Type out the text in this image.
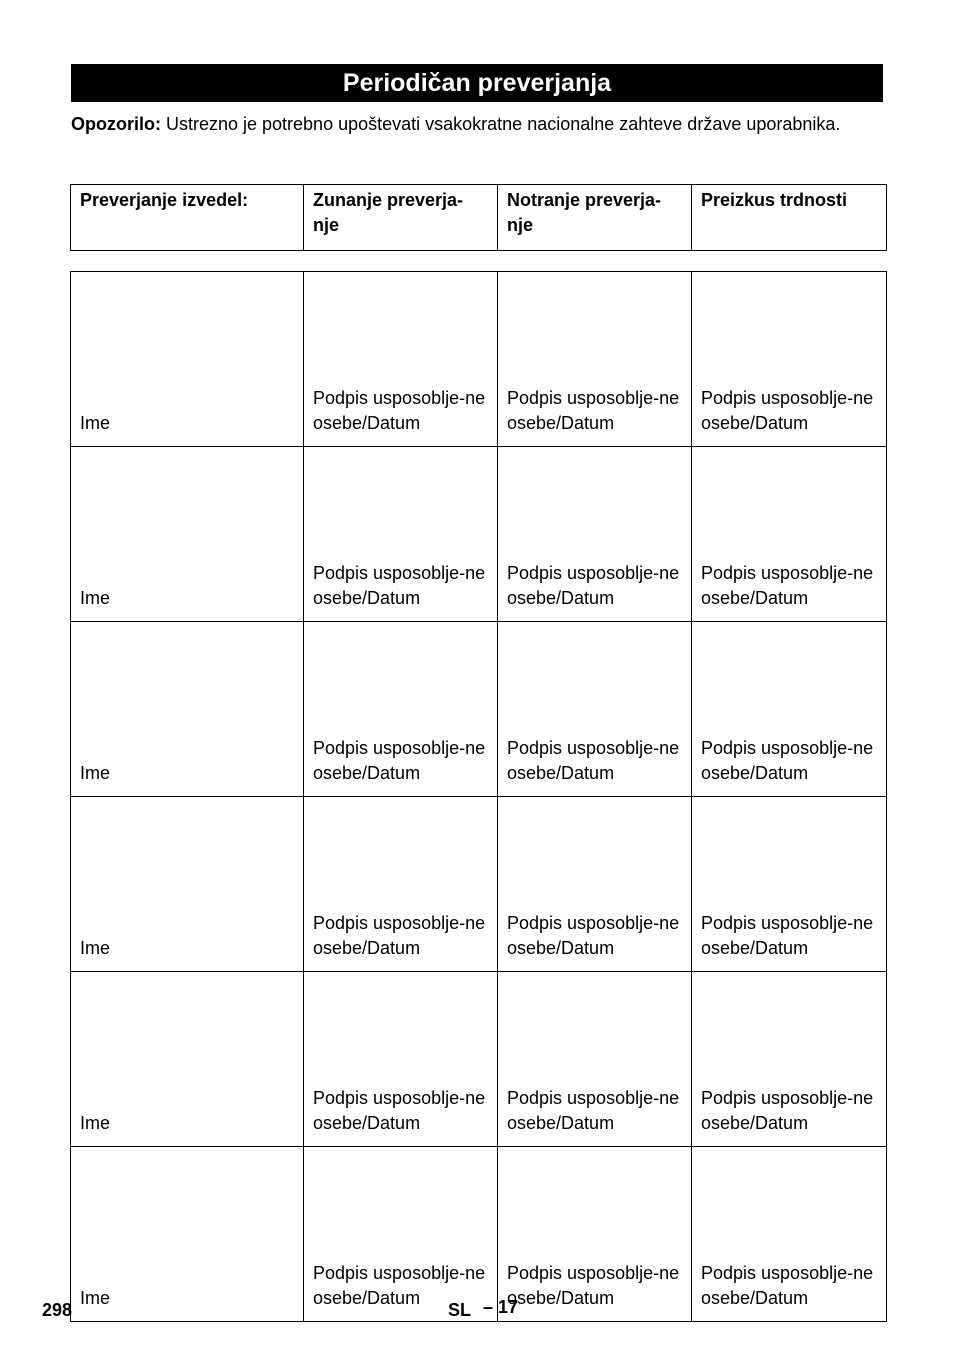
Periodičan preverjanja
Opozorilo: Ustrezno je potrebno upoštevati vsakokratne nacionalne zahteve države uporabnika.
Preverjanje izvedel:	Zunanje preverja-nje	Notranje preverja-nje	Preizkus trdnosti
Ime	Podpis usposoblje-ne osebe/Datum	Podpis usposoblje-ne osebe/Datum	Podpis usposoblje-ne osebe/Datum
Ime	Podpis usposoblje-ne osebe/Datum	Podpis usposoblje-ne osebe/Datum	Podpis usposoblje-ne osebe/Datum
Ime	Podpis usposoblje-ne osebe/Datum	Podpis usposoblje-ne osebe/Datum	Podpis usposoblje-ne osebe/Datum
Ime	Podpis usposoblje-ne osebe/Datum	Podpis usposoblje-ne osebe/Datum	Podpis usposoblje-ne osebe/Datum
Ime	Podpis usposoblje-ne osebe/Datum	Podpis usposoblje-ne osebe/Datum	Podpis usposoblje-ne osebe/Datum
Ime	Podpis usposoblje-ne osebe/Datum	Podpis usposoblje-ne osebe/Datum	Podpis usposoblje-ne osebe/Datum
298	SL – 17
